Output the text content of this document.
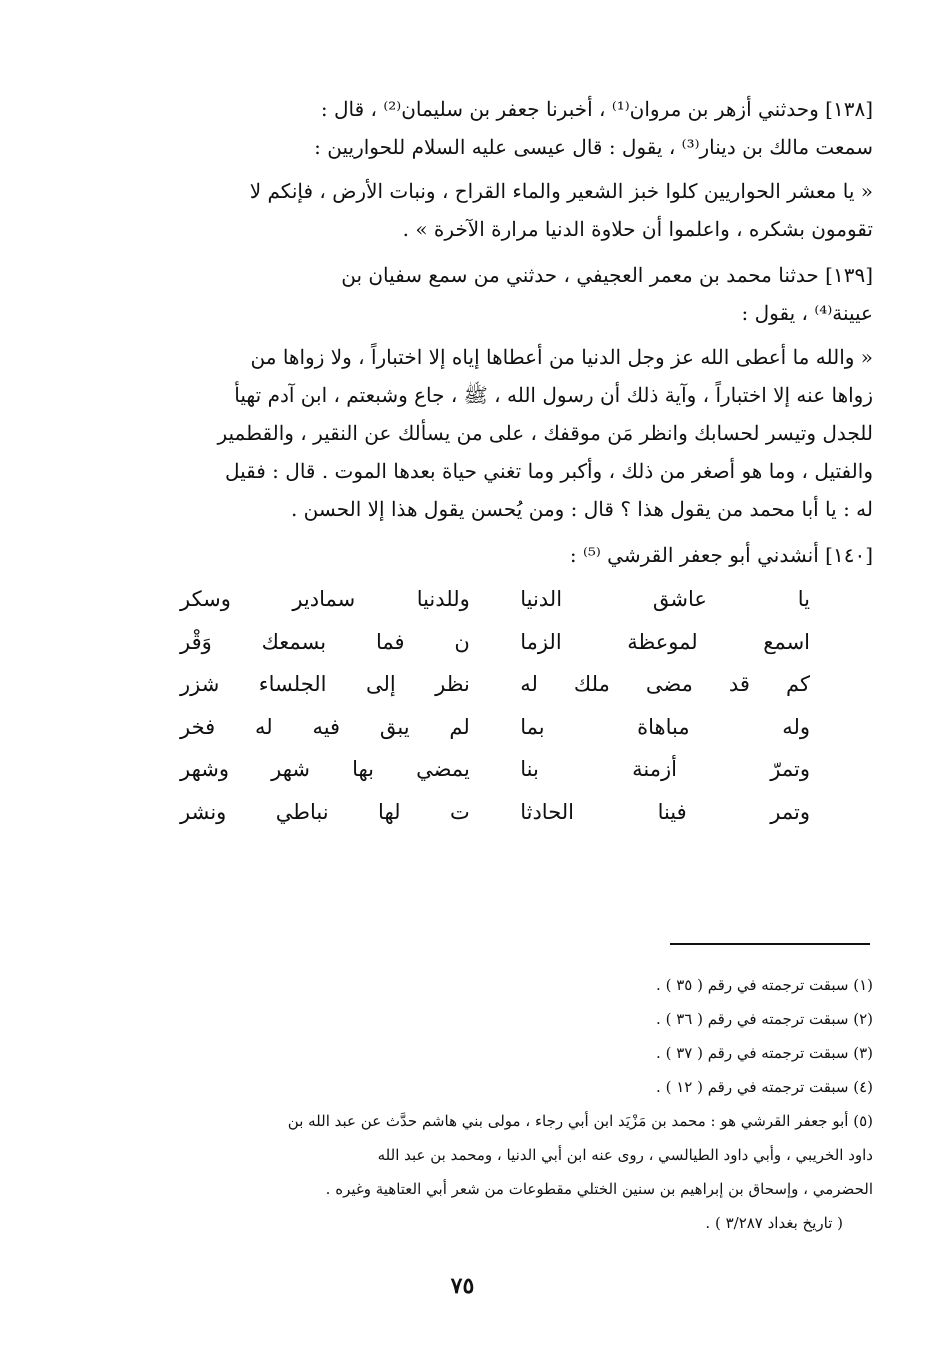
[١٣٨] وحدثني أزهر بن مروان⁽¹⁾ ، أخبرنا جعفر بن سليمان⁽²⁾ ، قال :
سمعت مالك بن دينار⁽³⁾ ، يقول : قال عيسى عليه السلام للحواريين :
« يا معشر الحواريين كلوا خبز الشعير والماء القراح ، ونبات الأرض ، فإنكم لا
تقومون بشكره ، واعلموا أن حلاوة الدنيا مرارة الآخرة » .
[١٣٩] حدثنا محمد بن معمر العجيفي ، حدثني من سمع سفيان بن
عيينة⁽⁴⁾ ، يقول :
« والله ما أعطى الله عز وجل الدنيا من أعطاها إياه إلا اختباراً ، ولا زواها من
زواها عنه إلا اختباراً ، وآية ذلك أن رسول الله ، ﷺ ، جاع وشبعتم ، ابن آدم تهيأ
للجدل وتيسر لحسابك وانظر مَن موقفك ، على من يسألك عن النقير ، والقطمير
والفتيل ، وما هو أصغر من ذلك ، وأكبر وما تغني حياة بعدها الموت . قال : فقيل
له : يا أبا محمد من يقول هذا ؟ قال : ومن يُحسن يقول هذا إلا الحسن .
[١٤٠] أنشدني أبو جعفر القرشي ⁽⁵⁾ :
يا عاشق الدنيا
وللدنيا سمادير وسكر
اسمع لموعظة الزما
ن فما بسمعك وَقْر
كم قد مضى ملك له
نظر إلى الجلساء شزر
وله مباهاة بما
لم يبق فيه له فخر
وتمرّ أزمنة بنا
يمضي بها شهر وشهر
وتمر فينا الحادثا
ت لها نباطي ونشر
(١) سبقت ترجمته في رقم ( ٣٥ ) .
(٢) سبقت ترجمته في رقم ( ٣٦ ) .
(٣) سبقت ترجمته في رقم ( ٣٧ ) .
(٤) سبقت ترجمته في رقم ( ١٢ ) .
(٥) أبو جعفر القرشي هو : محمد بن مَزْيَد ابن أبي رجاء ، مولى بني هاشم حدَّث عن عبد الله بن
داود الخريبي ، وأبي داود الطيالسي ، روى عنه ابن أبي الدنيا ، ومحمد بن عبد الله
الحضرمي ، وإسحاق بن إبراهيم بن سنين الختلي مقطوعات من شعر أبي العتاهية وغيره .
( تاريخ بغداد ٣/٢٨٧ ) .
٧٥
